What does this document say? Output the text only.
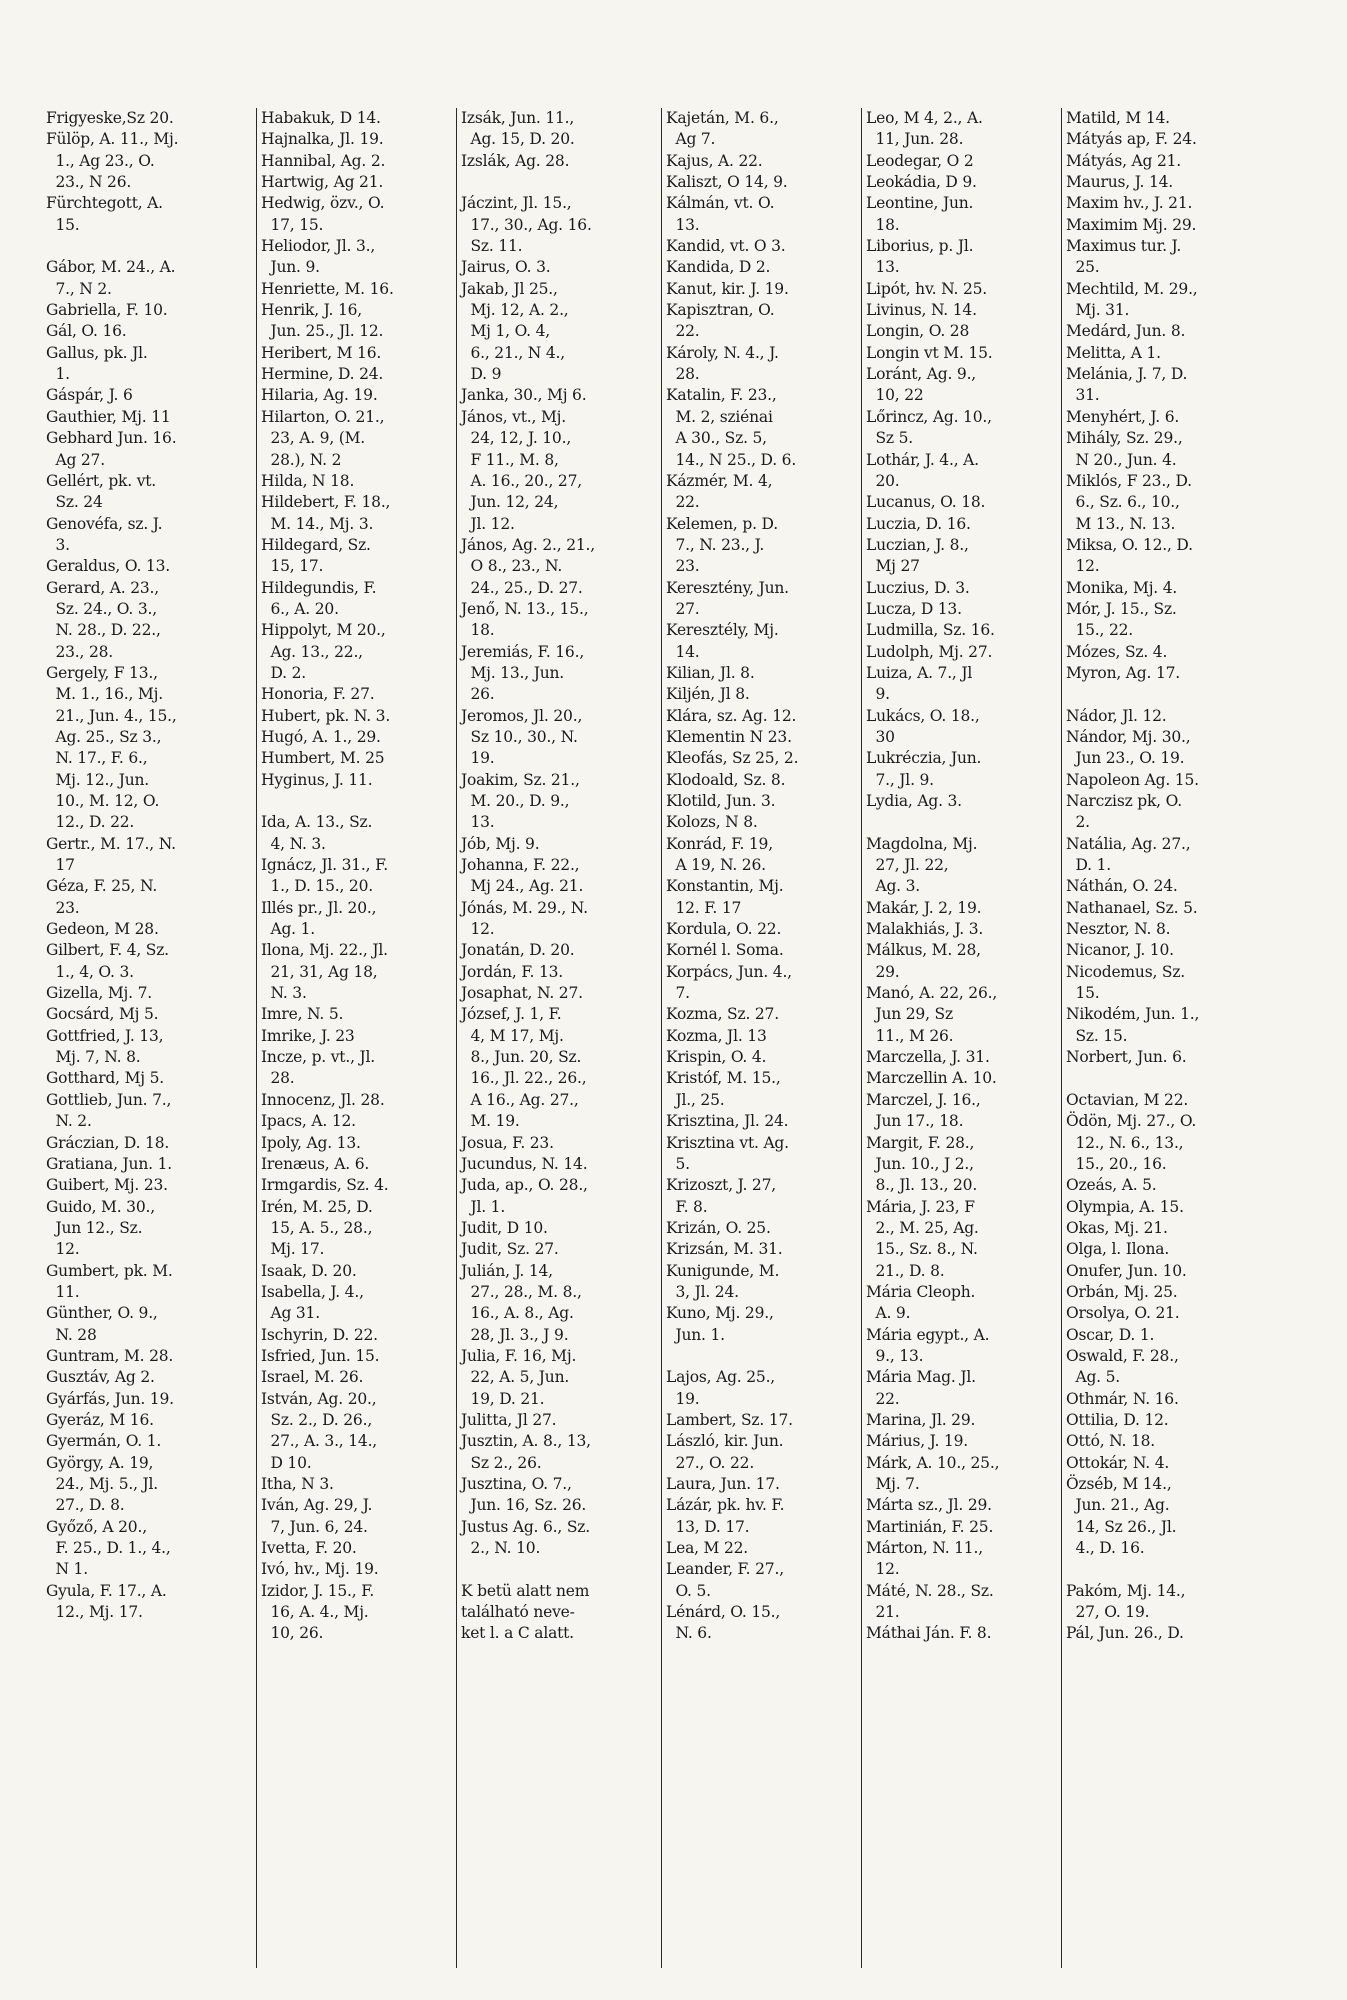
Frigyeske,Sz 20.
Fülöp, A. 11., Mj.
1., Ag 23., O.
23., N 26.
Fürchtegott, A.
15.

Gábor, M. 24., A.
7., N 2.
Gabriella, F. 10.
Gál, O. 16.
Gallus, pk. Jl.
1.
Gáspár, J. 6
Gauthier, Mj. 11
Gebhard Jun. 16.
Ag 27.
Gellért, pk. vt.
Sz. 24
Genovéfa, sz. J.
3.
Geraldus, O. 13.
Gerard, A. 23.,
Sz. 24., O. 3.,
N. 28., D. 22.,
23., 28.
Gergely, F 13.,
M. 1., 16., Mj.
21., Jun. 4., 15.,
Ag. 25., Sz 3.,
N. 17., F. 6.,
Mj. 12., Jun.
10., M. 12, O.
12., D. 22.
Gertr., M. 17., N.
17
Géza, F. 25, N.
23.
Gedeon, M 28.
Gilbert, F. 4, Sz.
1., 4, O. 3.
Gizella, Mj. 7.
Gocsárd, Mj 5.
Gottfried, J. 13,
Mj. 7, N. 8.
Gotthard, Mj 5.
Gottlieb, Jun. 7.,
N. 2.
Gráczian, D. 18.
Gratiana, Jun. 1.
Guibert, Mj. 23.
Guido, M. 30.,
Jun 12., Sz.
12.
Gumbert, pk. M.
11.
Günther, O. 9.,
N. 28
Guntram, M. 28.
Gusztáv, Ag 2.
Gyárfás, Jun. 19.
Gyeráz, M 16.
Gyermán, O. 1.
György, A. 19,
24., Mj. 5., Jl.
27., D. 8.
Győző, A 20.,
F. 25., D. 1., 4.,
N 1.
Gyula, F. 17., A.
12., Mj. 17.
Habakuk, D 14.
Hajnalka, Jl. 19.
Hannibal, Ag. 2.
Hartwig, Ag 21.
Hedwig, özv., O.
17, 15.
Heliodor, Jl. 3.,
Jun. 9.
Henriette, M. 16.
Henrik, J. 16,
Jun. 25., Jl. 12.
Heribert, M 16.
Hermine, D. 24.
Hilaria, Ag. 19.
Hilarton, O. 21.,
23, A. 9, (M.
28.), N. 2
Hilda, N 18.
Hildebert, F. 18.,
M. 14., Mj. 3.
Hildegard, Sz.
15, 17.
Hildegundis, F.
6., A. 20.
Hippolyt, M 20.,
Ag. 13., 22.,
D. 2.
Honoria, F. 27.
Hubert, pk. N. 3.
Hugó, A. 1., 29.
Humbert, M. 25
Hyginus, J. 11.

Ida, A. 13., Sz.
4, N. 3.
Ignácz, Jl. 31., F.
1., D. 15., 20.
Illés pr., Jl. 20.,
Ag. 1.
Ilona, Mj. 22., Jl.
21, 31, Ag 18,
N. 3.
Imre, N. 5.
Imrike, J. 23
Incze, p. vt., Jl.
28.
Innocenz, Jl. 28.
Ipacs, A. 12.
Ipoly, Ag. 13.
Irenæus, A. 6.
Irmgardis, Sz. 4.
Irén, M. 25, D.
15, A. 5., 28.,
Mj. 17.
Isaak, D. 20.
Isabella, J. 4.,
Ag 31.
Ischyrin, D. 22.
Isfried, Jun. 15.
Israel, M. 26.
István, Ag. 20.,
Sz. 2., D. 26.,
27., A. 3., 14.,
D 10.
Itha, N 3.
Iván, Ag. 29, J.
7, Jun. 6, 24.
Ivetta, F. 20.
Ivó, hv., Mj. 19.
Izidor, J. 15., F.
16, A. 4., Mj.
10, 26.
Izsák, Jun. 11.,
Ag. 15, D. 20.
Izslák, Ag. 28.

Jáczint, Jl. 15.,
17., 30., Ag. 16.
Sz. 11.
Jairus, O. 3.
Jakab, Jl 25.,
Mj. 12, A. 2.,
Mj 1, O. 4,
6., 21., N 4.,
D. 9
Janka, 30., Mj 6.
János, vt., Mj.
24, 12, J. 10.,
F 11., M. 8,
A. 16., 20., 27,
Jun. 12, 24,
Jl. 12.
János, Ag. 2., 21.,
O 8., 23., N.
24., 25., D. 27.
Jenő, N. 13., 15.,
18.
Jeremiás, F. 16.,
Mj. 13., Jun.
26.
Jeromos, Jl. 20.,
Sz 10., 30., N.
19.
Joakim, Sz. 21.,
M. 20., D. 9.,
13.
Jób, Mj. 9.
Johanna, F. 22.,
Mj 24., Ag. 21.
Jónás, M. 29., N.
12.
Jonatán, D. 20.
Jordán, F. 13.
Josaphat, N. 27.
József, J. 1, F.
4, M 17, Mj.
8., Jun. 20, Sz.
16., Jl. 22., 26.,
A 16., Ag. 27.,
M. 19.
Josua, F. 23.
Jucundus, N. 14.
Juda, ap., O. 28.,
Jl. 1.
Judit, D 10.
Judit, Sz. 27.
Julián, J. 14,
27., 28., M. 8.,
16., A. 8., Ag.
28, Jl. 3., J 9.
Julia, F. 16, Mj.
22, A. 5, Jun.
19, D. 21.
Julitta, Jl 27.
Jusztin, A. 8., 13,
Sz 2., 26.
Jusztina, O. 7.,
Jun. 16, Sz. 26.
Justus Ag. 6., Sz.
2., N. 10.

K betü alatt nem
található neve-
ket l. a C alatt.
Kajetán, M. 6.,
Ag 7.
Kajus, A. 22.
Kaliszt, O 14, 9.
Kálmán, vt. O.
13.
Kandid, vt. O 3.
Kandida, D 2.
Kanut, kir. J. 19.
Kapisztran, O.
22.
Károly, N. 4., J.
28.
Katalin, F. 23.,
M. 2, sziénai
A 30., Sz. 5,
14., N 25., D. 6.
Kázmér, M. 4,
22.
Kelemen, p. D.
7., N. 23., J.
23.
Keresztény, Jun.
27.
Keresztély, Mj.
14.
Kilian, Jl. 8.
Kiljén, Jl 8.
Klára, sz. Ag. 12.
Klementin N 23.
Kleofás, Sz 25, 2.
Klodoald, Sz. 8.
Klotild, Jun. 3.
Kolozs, N 8.
Konrád, F. 19,
A 19, N. 26.
Konstantin, Mj.
12. F. 17
Kordula, O. 22.
Kornél l. Soma.
Korpács, Jun. 4.,
7.
Kozma, Sz. 27.
Kozma, Jl. 13
Krispin, O. 4.
Kristóf, M. 15.,
Jl., 25.
Krisztina, Jl. 24.
Krisztina vt. Ag.
5.
Krizoszt, J. 27,
F. 8.
Krizán, O. 25.
Krizsán, M. 31.
Kunigunde, M.
3, Jl. 24.
Kuno, Mj. 29.,
Jun. 1.

Lajos, Ag. 25.,
19.
Lambert, Sz. 17.
László, kir. Jun.
27., O. 22.
Laura, Jun. 17.
Lázár, pk. hv. F.
13, D. 17.
Lea, M 22.
Leander, F. 27.,
O. 5.
Lénárd, O. 15.,
N. 6.
Leo, M 4, 2., A.
11, Jun. 28.
Leodegar, O 2
Leokádia, D 9.
Leontine, Jun.
18.
Liborius, p. Jl.
13.
Lipót, hv. N. 25.
Livinus, N. 14.
Longin, O. 28
Longin vt M. 15.
Loránt, Ag. 9.,
10, 22
Lőrincz, Ag. 10.,
Sz 5.
Lothár, J. 4., A.
20.
Lucanus, O. 18.
Luczia, D. 16.
Luczian, J. 8.,
Mj 27
Luczius, D. 3.
Lucza, D 13.
Ludmilla, Sz. 16.
Ludolph, Mj. 27.
Luiza, A. 7., Jl
9.
Lukács, O. 18.,
30
Lukréczia, Jun.
7., Jl. 9.
Lydia, Ag. 3.

Magdolna, Mj.
27, Jl. 22,
Ag. 3.
Makár, J. 2, 19.
Malakhiás, J. 3.
Málkus, M. 28,
29.
Manó, A. 22, 26.,
Jun 29, Sz
11., M 26.
Marczella, J. 31.
Marczellin A. 10.
Marczel, J. 16.,
Jun 17., 18.
Margit, F. 28.,
Jun. 10., J 2.,
8., Jl. 13., 20.
Mária, J. 23, F
2., M. 25, Ag.
15., Sz. 8., N.
21., D. 8.
Mária Cleoph.
A. 9.
Mária egypt., A.
9., 13.
Mária Mag. Jl.
22.
Marina, Jl. 29.
Márius, J. 19.
Márk, A. 10., 25.,
Mj. 7.
Márta sz., Jl. 29.
Martinián, F. 25.
Márton, N. 11.,
12.
Máté, N. 28., Sz.
21.
Máthai Ján. F. 8.
Matild, M 14.
Mátyás ap, F. 24.
Mátyás, Ag 21.
Maurus, J. 14.
Maxim hv., J. 21.
Maximim Mj. 29.
Maximus tur. J.
25.
Mechtild, M. 29.,
Mj. 31.
Medárd, Jun. 8.
Melitta, A 1.
Melánia, J. 7, D.
31.
Menyhért, J. 6.
Mihály, Sz. 29.,
N 20., Jun. 4.
Miklós, F 23., D.
6., Sz. 6., 10.,
M 13., N. 13.
Miksa, O. 12., D.
12.
Monika, Mj. 4.
Mór, J. 15., Sz.
15., 22.
Mózes, Sz. 4.
Myron, Ag. 17.

Nádor, Jl. 12.
Nándor, Mj. 30.,
Jun 23., O. 19.
Napoleon Ag. 15.
Narczisz pk, O.
2.
Natália, Ag. 27.,
D. 1.
Náthán, O. 24.
Nathanael, Sz. 5.
Nesztor, N. 8.
Nicanor, J. 10.
Nicodemus, Sz.
15.
Nikodém, Jun. 1.,
Sz. 15.
Norbert, Jun. 6.

Octavian, M 22.
Ödön, Mj. 27., O.
12., N. 6., 13.,
15., 20., 16.
Ozeás, A. 5.
Olympia, A. 15.
Okas, Mj. 21.
Olga, l. Ilona.
Onufer, Jun. 10.
Orbán, Mj. 25.
Orsolya, O. 21.
Oscar, D. 1.
Oswald, F. 28.,
Ag. 5.
Othmár, N. 16.
Ottilia, D. 12.
Ottó, N. 18.
Ottokár, N. 4.
Özséb, M 14.,
Jun. 21., Ag.
14, Sz 26., Jl.
4., D. 16.

Pakóm, Mj. 14.,
27, O. 19.
Pál, Jun. 26., D.
